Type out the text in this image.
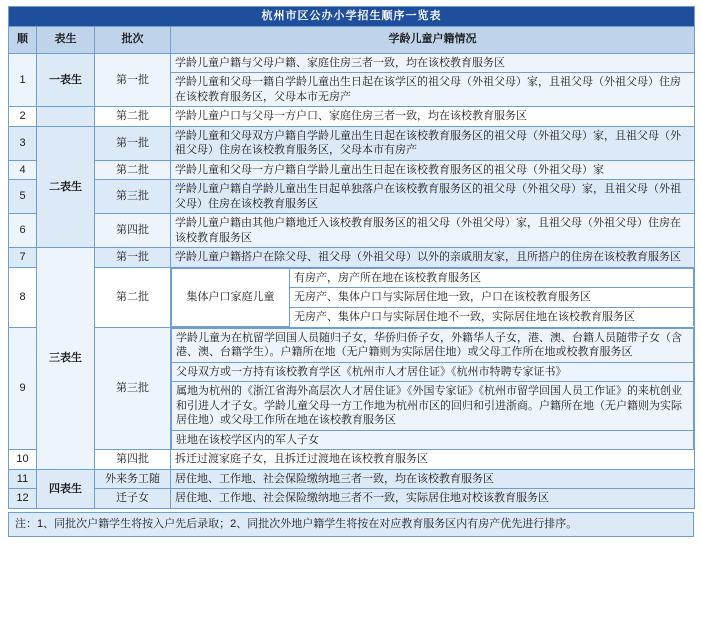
杭州市区公办小学招生顺序一览表
顺	表生	批次	学龄儿童户籍情况
1	一表生	第一批	学龄儿童户籍与父母户籍、家庭住房三者一致，均在该校教育服务区
学龄儿童和父母一籍自学龄儿童出生日起在该学区的祖父母（外祖父母）家，且祖父母（外祖父母）住房在该校教育服务区，父母本市无房产
2		第二批	学龄儿童户口与父母一方户口、家庭住房三者一致，均在该校教育服务区
3	二表生	第一批	学龄儿童和父母双方户籍自学龄儿童出生日起在该校教育服务区的祖父母（外祖父母）家，且祖父母（外祖父母）住房在该校教育服务区，父母本市有房产
4	第二批	学龄儿童和父母一方户籍自学龄儿童出生日起在该校教育服务区的祖父母（外祖父母）家
5	第三批	学龄儿童户籍自学龄儿童出生日起单独落户在该校教育服务区的祖父母（外祖父母）家，且祖父母（外祖父母）住房在该校教育服务区
6	第四批	学龄儿童户籍由其他户籍地迁入该校教育服务区的祖父母（外祖父母）家，且祖父母（外祖父母）住房在该校教育服务区
7	三表生	第一批	学龄儿童户籍搭户在除父母、祖父母（外祖父母）以外的亲戚朋友家，且所搭户的住房在该校教育服务区
8	第二批		集体户口家庭儿童	有房产，房产所在地在该校教育服务区
无房产、集体户口与实际居住地一致，户口在该校教育服务区
无房产、集体户口与实际居住地不一致，实际居住地在该校教育服务区

9	第三批	
学龄儿童为在杭留学回国人员随归子女，华侨归侨子女，外籍华人子女，港、澳、台籍人员随带子女（含港、澳、台籍学生）。户籍所在地（无户籍则为实际居住地）或父母工作所在地或校教育服务区
父母双方或一方持有该校教育学区《杭州市人才居住证》《杭州市特聘专家证书》
属地为杭州的《浙江省海外高层次人才居住证》《外国专家证》《杭州市留学回国人员工作证》的来杭创业和引进人才子女。学龄儿童父母一方工作地为杭州市区的回归和引进浙商。户籍所在地（无户籍则为实际居住地）或父母工作所在地在该校教育服务区
驻地在该校学区内的军人子女

10	第四批	拆迁过渡家庭子女，且拆迁过渡地在该校教育服务区
11	四表生	外来务工随	居住地、工作地、社会保险缴纳地三者一致，均在该校教育服务区
12	迁子女	居住地、工作地、社会保险缴纳地三者不一致，实际居住地对校该教育服务区
注：1、同批次户籍学生将按入户先后录取；2、同批次外地户籍学生将按在对应教育服务区内有房产优先进行排序。
